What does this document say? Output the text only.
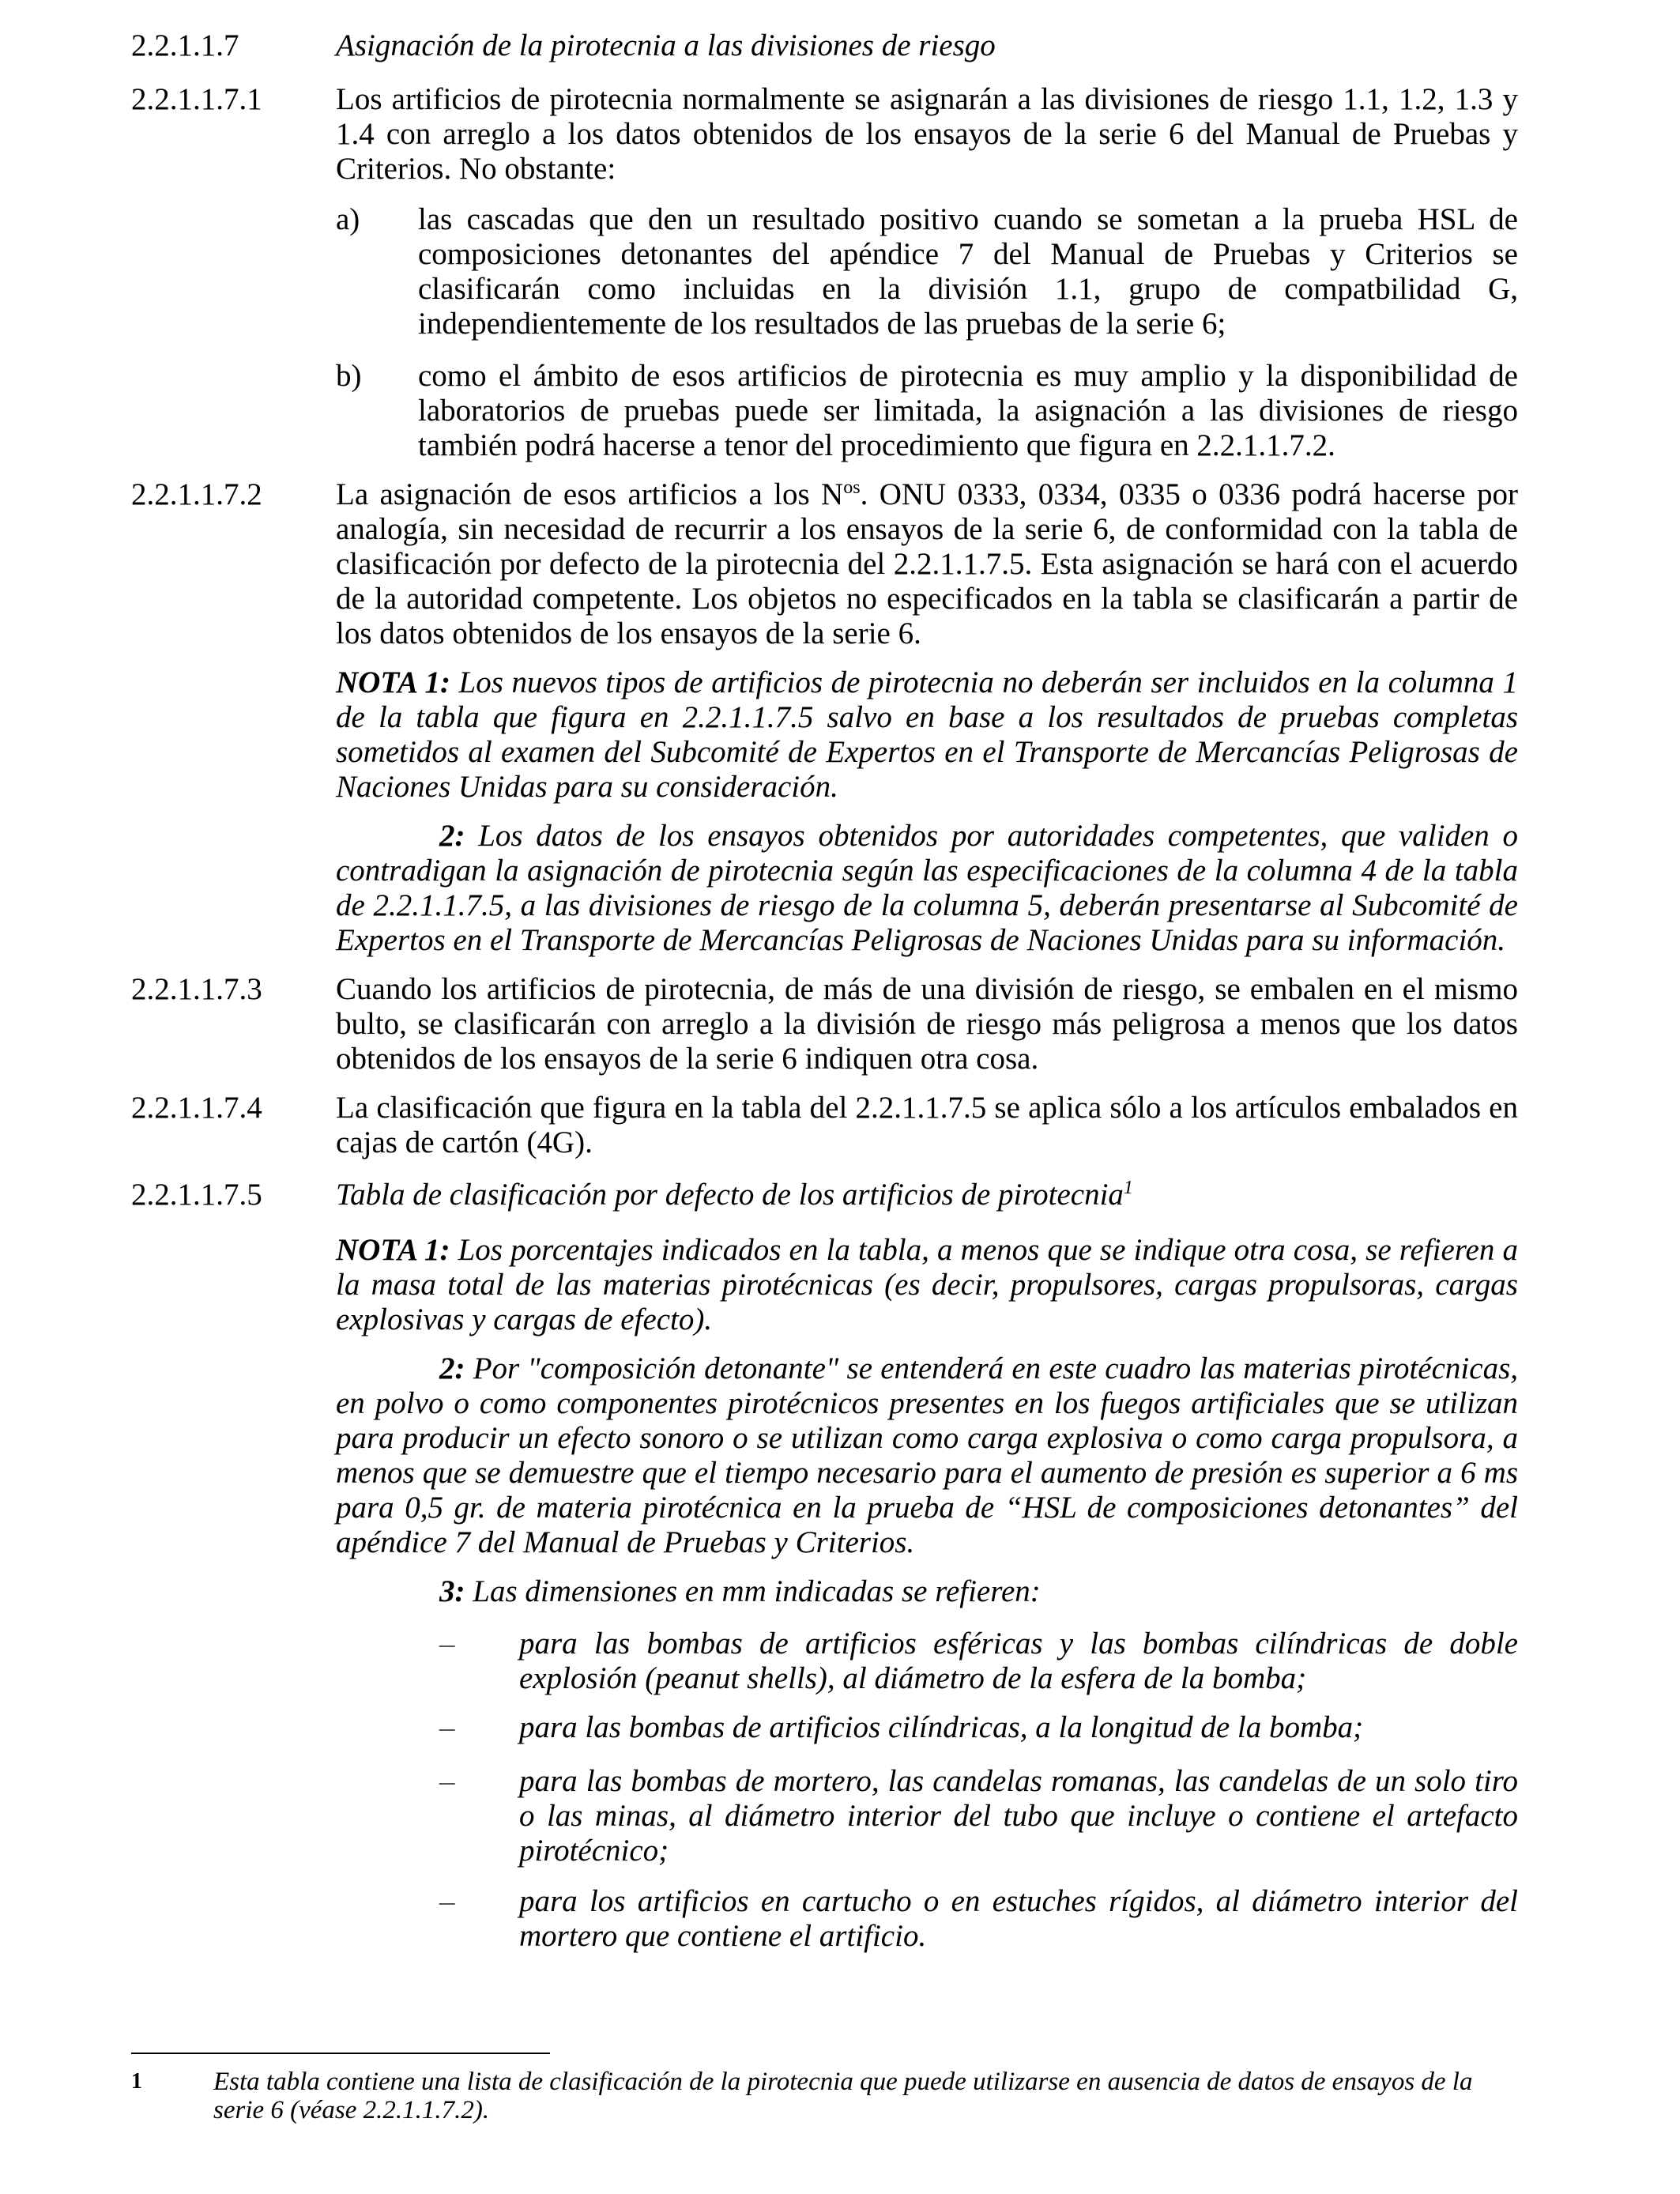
2.2.1.1.7	Asignación de la pirotecnia a las divisiones de riesgo
2.2.1.1.7.1 Los artificios de pirotecnia normalmente se asignarán a las divisiones de riesgo 1.1, 1.2, 1.3 y 1.4 con arreglo a los datos obtenidos de los ensayos de la serie 6 del Manual de Pruebas y Criterios. No obstante:
a) las cascadas que den un resultado positivo cuando se sometan a la prueba HSL de composiciones detonantes del apéndice 7 del Manual de Pruebas y Criterios se clasificarán como incluidas en la división 1.1, grupo de compatbilidad G, independientemente de los resultados de las pruebas de la serie 6;
b) como el ámbito de esos artificios de pirotecnia es muy amplio y la disponibilidad de laboratorios de pruebas puede ser limitada, la asignación a las divisiones de riesgo también podrá hacerse a tenor del procedimiento que figura en 2.2.1.1.7.2.
2.2.1.1.7.2 La asignación de esos artificios a los $N^{os}$. ONU 0333, 0334, 0335 o 0336 podrá hacerse por analogía, sin necesidad de recurrir a los ensayos de la serie 6, de conformidad con la tabla de clasificación por defecto de la pirotecnia del 2.2.1.1.7.5. Esta asignación se hará con el acuerdo de la autoridad competente. Los objetos no especificados en la tabla se clasificarán a partir de los datos obtenidos de los ensayos de la serie 6.
NOTA 1: Los nuevos tipos de artificios de pirotecnia no deberán ser incluidos en la columna 1 de la tabla que figura en 2.2.1.1.7.5 salvo en base a los resultados de pruebas completas sometidos al examen del Subcomité de Expertos en el Transporte de Mercancías Peligrosas de Naciones Unidas para su consideración.
2: Los datos de los ensayos obtenidos por autoridades competentes, que validen o contradigan la asignación de pirotecnia según las especificaciones de la columna 4 de la tabla de 2.2.1.1.7.5, a las divisiones de riesgo de la columna 5, deberán presentarse al Subcomité de Expertos en el Transporte de Mercancías Peligrosas de Naciones Unidas para su información.
2.2.1.1.7.3 Cuando los artificios de pirotecnia, de más de una división de riesgo, se embalen en el mismo bulto, se clasificarán con arreglo a la división de riesgo más peligrosa a menos que los datos obtenidos de los ensayos de la serie 6 indiquen otra cosa.
2.2.1.1.7.4 La clasificación que figura en la tabla del 2.2.1.1.7.5 se aplica sólo a los artículos embalados en cajas de cartón (4G).
2.2.1.1.7.5 Tabla de clasificación por defecto de los artificios de pirotecnia$^1$
NOTA 1: Los porcentajes indicados en la tabla, a menos que se indique otra cosa, se refieren a la masa total de las materias pirotécnicas (es decir, propulsores, cargas propulsoras, cargas explosivas y cargas de efecto).
2: Por "composición detonante" se entenderá en este cuadro las materias pirotécnicas, en polvo o como componentes pirotécnicos presentes en los fuegos artificiales que se utilizan para producir un efecto sonoro o se utilizan como carga explosiva o como carga propulsora, a menos que se demuestre que el tiempo necesario para el aumento de presión es superior a 6 ms para 0,5 gr. de materia pirotécnica en la prueba de “HSL de composiciones detonantes” del apéndice 7 del Manual de Pruebas y Criterios.
3: Las dimensiones en mm indicadas se refieren:
– para las bombas de artificios esféricas y las bombas cilíndricas de doble explosión (peanut shells), al diámetro de la esfera de la bomba;
– para las bombas de artificios cilíndricas, a la longitud de la bomba;
– para las bombas de mortero, las candelas romanas, las candelas de un solo tiro o las minas, al diámetro interior del tubo que incluye o contiene el artefacto pirotécnico;
– para los artificios en cartucho o en estuches rígidos, al diámetro interior del mortero que contiene el artificio.
1	Esta tabla contiene una lista de clasificación de la pirotecnia que puede utilizarse en ausencia de datos de ensayos de la serie 6 (véase 2.2.1.1.7.2).
